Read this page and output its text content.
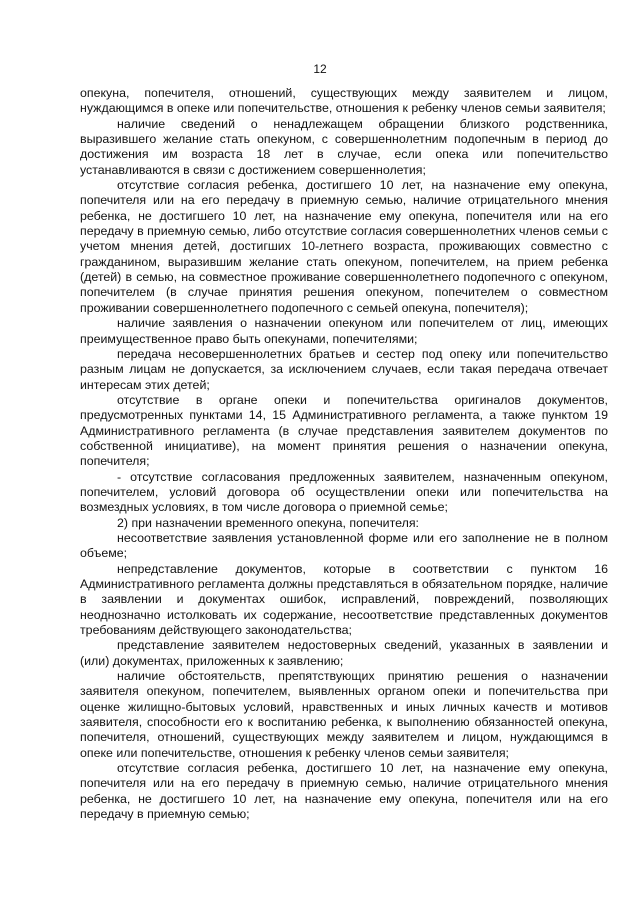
12

опекуна, попечителя, отношений, существующих между заявителем и лицом, нуждающимся в опеке или попечительстве, отношения к ребенку членов семьи заявителя;

наличие сведений о ненадлежащем обращении близкого родственника, выразившего желание стать опекуном, с совершеннолетним подопечным в период до достижения им возраста 18 лет в случае, если опека или попечительство устанавливаются в связи с достижением совершеннолетия;

отсутствие согласия ребенка, достигшего 10 лет, на назначение ему опекуна, попечителя или на его передачу в приемную семью, наличие отрицательного мнения ребенка, не достигшего 10 лет, на назначение ему опекуна, попечителя или на его передачу в приемную семью, либо отсутствие согласия совершеннолетних членов семьи с учетом мнения детей, достигших 10-летнего возраста, проживающих совместно с гражданином, выразившим желание стать опекуном, попечителем, на прием ребенка (детей) в семью, на совместное проживание совершеннолетнего подопечного с опекуном, попечителем (в случае принятия решения опекуном, попечителем о совместном проживании совершеннолетнего подопечного с семьей опекуна, попечителя);

наличие заявления о назначении опекуном или попечителем от лиц, имеющих преимущественное право быть опекунами, попечителями;

передача несовершеннолетних братьев и сестер под опеку или попечительство разным лицам не допускается, за исключением случаев, если такая передача отвечает интересам этих детей;

отсутствие в органе опеки и попечительства оригиналов документов, предусмотренных пунктами 14, 15 Административного регламента, а также пунктом 19 Административного регламента (в случае представления заявителем документов по собственной инициативе), на момент принятия решения о назначении опекуна, попечителя;

- отсутствие согласования предложенных заявителем, назначенным опекуном, попечителем, условий договора об осуществлении опеки или попечительства на возмездных условиях, в том числе договора о приемной семье;

2) при назначении временного опекуна, попечителя:

несоответствие заявления установленной форме или его заполнение не в полном объеме;

непредставление документов, которые в соответствии с пунктом 16 Административного регламента должны представляться в обязательном порядке, наличие в заявлении и документах ошибок, исправлений, повреждений, позволяющих неоднозначно истолковать их содержание, несоответствие представленных документов требованиям действующего законодательства;

представление заявителем недостоверных сведений, указанных в заявлении и (или) документах, приложенных к заявлению;

наличие обстоятельств, препятствующих принятию решения о назначении заявителя опекуном, попечителем, выявленных органом опеки и попечительства при оценке жилищно-бытовых условий, нравственных и иных личных качеств и мотивов заявителя, способности его к воспитанию ребенка, к выполнению обязанностей опекуна, попечителя, отношений, существующих между заявителем и лицом, нуждающимся в опеке или попечительстве, отношения к ребенку членов семьи заявителя;

отсутствие согласия ребенка, достигшего 10 лет, на назначение ему опекуна, попечителя или на его передачу в приемную семью, наличие отрицательного мнения ребенка, не достигшего 10 лет, на назначение ему опекуна, попечителя или на его передачу в приемную семью;
